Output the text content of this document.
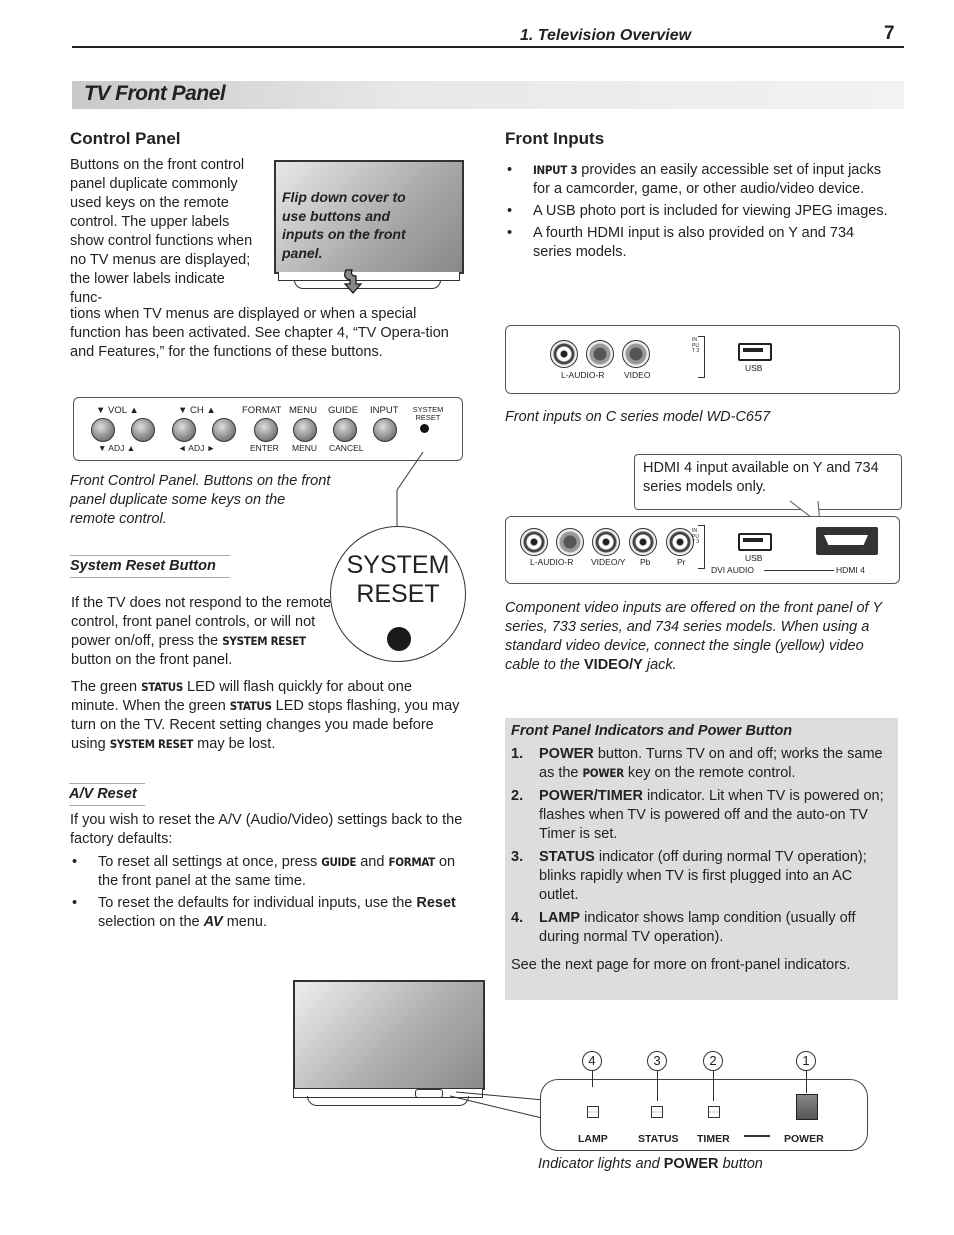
1. Television Overview	7
TV Front Panel
Control Panel

Buttons on the front control panel duplicate commonly used keys on the remote control. The upper labels show control functions when no TV menus are displayed; the lower labels indicate func-

tions when TV menus are displayed or when a special function has been activated. See chapter 4, “TV Opera-tion and Features,” for the functions of these buttons.

Flip down cover to use buttons and inputs on the front panel.
▼ VOL ▲	▼ CH ▲	FORMAT MENU GUIDE INPUT	SYSTEM RESET
▼ ADJ ▲	◄ ADJ ►	ENTER MENU CANCEL

Front Control Panel. Buttons on the front panel duplicate some keys on the remote control.

SYSTEM RESET
System Reset Button

If the TV does not respond to the remote control, front panel controls, or will not power on/off, press the SYSTEM RESET button on the front panel.

The green STATUS LED will flash quickly for about one minute. When the green STATUS LED stops flashing, you may turn on the TV. Recent setting changes you made before using SYSTEM RESET may be lost.

A/V Reset

If you wish to reset the A/V (Audio/Video) settings back to the factory defaults:

• To reset all settings at once, press GUIDE and FORMAT on the front panel at the same time.
• To reset the defaults for individual inputs, use the Reset selection on the AV menu.
Front Inputs
• INPUT 3 provides an easily accessible set of input jacks for a camcorder, game, or other audio/video device.
• A USB photo port is included for viewing JPEG images.
• A fourth HDMI input is also provided on Y and 734 series models.
L-AUDIO-R VIDEO
INPUT 3
USB

Front inputs on C series model WD-C657

HDMI 4 input available on Y and 734 series models only.
L-AUDIO-R VIDEO/Y Pb	Pr
INPUT 3
USB
DVI AUDIO	HDMI 4

Component video inputs are offered on the front panel of Y series, 733 series, and 734 series models. When using a standard video device, connect the single (yellow) video cable to the VIDEO/Y jack.

Front Panel Indicators and Power Button
1. POWER button. Turns TV on and off; works the same as the POWER key on the remote control.
2. POWER/TIMER indicator. Lit when TV is powered on; flashes when TV is powered off and the auto-on TV Timer is set.
3. STATUS indicator (off during normal TV operation); blinks rapidly when TV is first plugged into an AC outlet.
4. LAMP indicator shows lamp condition (usually off during normal TV operation).

See the next page for more on front-panel indicators.

4	3	2	1
LAMP	STATUS TIMER	POWER

Indicator lights and POWER button
